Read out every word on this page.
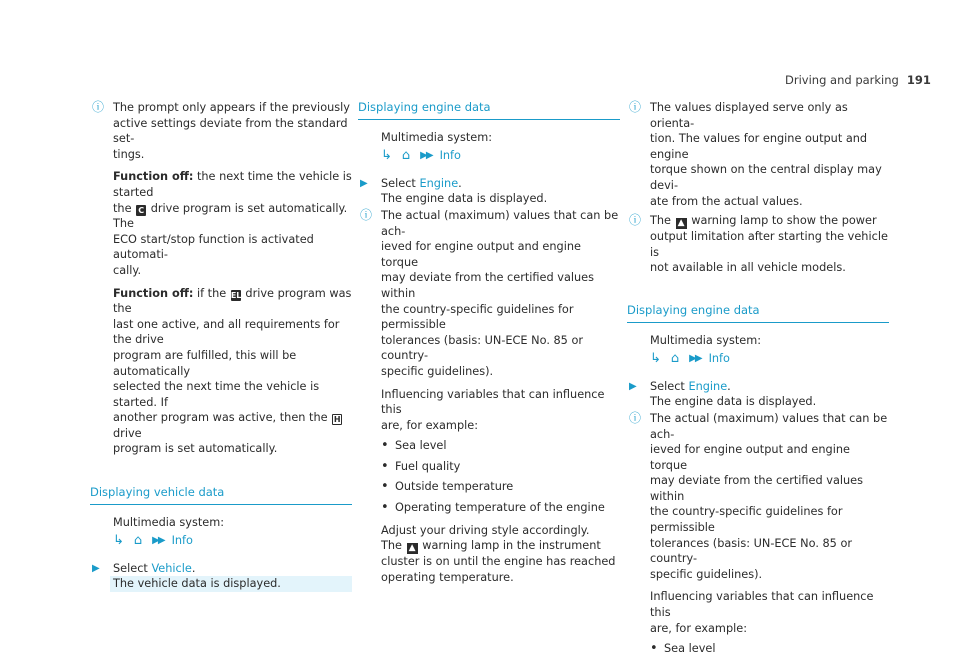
Driving and parking 191
ⓘ The prompt only appears if the previously
active settings deviate from the standard set-
tings.
Function off: the next time the vehicle is started
the C drive program is set automatically. The
ECO start/stop function is activated automati-
cally.
Function off: if the EL drive program was the
last one active, and all requirements for the drive
program are fulfilled, this will be automatically
selected the next time the vehicle is started. If
another program was active, then the H drive
program is set automatically.
Displaying vehicle data
Multimedia system:
↳ ⌂ ▶▶ Info
▶ Select Vehicle.
The vehicle data is displayed.
Displaying engine data
Multimedia system:
↳ ⌂ ▶▶ Info
▶ Select Engine.
The engine data is displayed.
ⓘ The actual (maximum) values that can be ach-
ieved for engine output and engine torque
may deviate from the certified values within
the country-specific guidelines for permissible
tolerances (basis: UN-ECE No. 85 or country-
specific guidelines).
Influencing variables that can influence this
are, for example:
• Sea level
• Fuel quality
• Outside temperature
• Operating temperature of the engine
Adjust your driving style accordingly.
The ▲ warning lamp in the instrument
cluster is on until the engine has reached
operating temperature.
ⓘ The values displayed serve only as orienta-
tion. The values for engine output and engine
torque shown on the central display may devi-
ate from the actual values.
ⓘ The ▲ warning lamp to show the power
output limitation after starting the vehicle is
not available in all vehicle models.
Displaying engine data
Multimedia system:
↳ ⌂ ▶▶ Info
▶ Select Engine.
The engine data is displayed.
ⓘ The actual (maximum) values that can be ach-
ieved for engine output and engine torque
may deviate from the certified values within
the country-specific guidelines for permissible
tolerances (basis: UN-ECE No. 85 or country-
specific guidelines).
Influencing variables that can influence this
are, for example:
• Sea level
